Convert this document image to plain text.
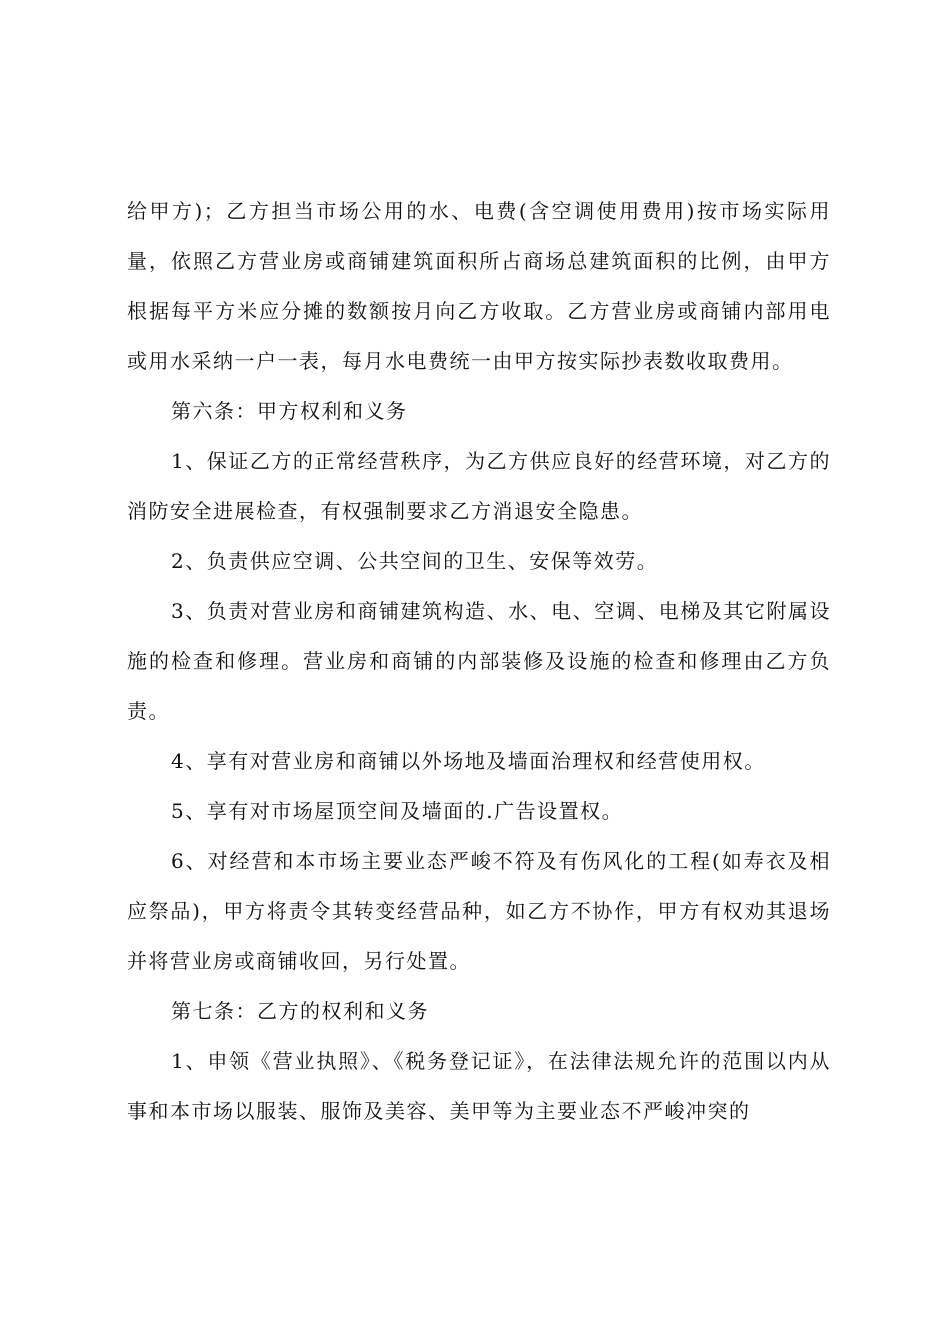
给甲方)；乙方担当市场公用的水、电费(含空调使用费用)按市场实际用量，依照乙方营业房或商铺建筑面积所占商场总建筑面积的比例，由甲方根据每平方米应分摊的数额按月向乙方收取。乙方营业房或商铺内部用电或用水采纳一户一表，每月水电费统一由甲方按实际抄表数收取费用。

第六条：甲方权利和义务

1、保证乙方的正常经营秩序，为乙方供应良好的经营环境，对乙方的消防安全进展检查，有权强制要求乙方消退安全隐患。

2、负责供应空调、公共空间的卫生、安保等效劳。

3、负责对营业房和商铺建筑构造、水、电、空调、电梯及其它附属设施的检查和修理。营业房和商铺的内部装修及设施的检查和修理由乙方负责。

4、享有对营业房和商铺以外场地及墙面治理权和经营使用权。

5、享有对市场屋顶空间及墙面的.广告设置权。

6、对经营和本市场主要业态严峻不符及有伤风化的工程(如寿衣及相应祭品)，甲方将责令其转变经营品种，如乙方不协作，甲方有权劝其退场并将营业房或商铺收回，另行处置。

第七条：乙方的权利和义务

1、申领《营业执照》、《税务登记证》，在法律法规允许的范围以内从事和本市场以服装、服饰及美容、美甲等为主要业态不严峻冲突的
